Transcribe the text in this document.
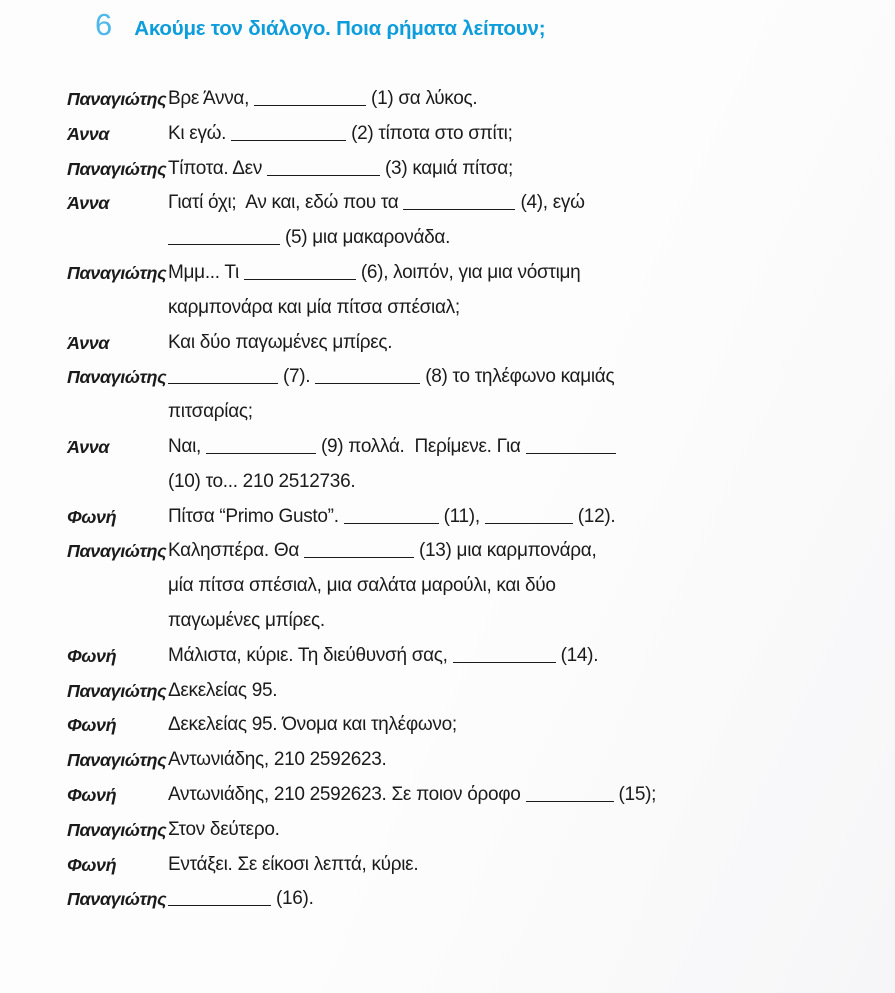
6 Ακούμε τον διάλογο. Ποια ρήματα λείπουν;
Παναγιώτης Βρε Άννα,	(1) σα λύκος.
Άννα	Κι εγώ.	(2) τίποτα στο σπίτι;
Παναγιώτης Τίποτα. Δεν	(3) καμιά πίτσα;
Άννα	Γιατί όχι;  Αν και, εδώ που τα	(4), εγώ
(5) μια μακαρονάδα.
Παναγιώτης Μμμ... Τι	(6), λοιπόν, για μια νόστιμη
καρμπονάρα και μία πίτσα σπέσιαλ;
Άννα	Και δύο παγωμένες μπίρες.
Παναγιώτης	(7).	(8) το τηλέφωνο καμιάς
πιτσαρίας;
Άννα	Ναι,	(9) πολλά.  Περίμενε. Για
(10) το... 210 2512736.
Φωνή	Πίτσα “Primo Gusto”.	(11),	(12).
Παναγιώτης Καλησπέρα. Θα	(13) μια καρμπονάρα,
μία πίτσα σπέσιαλ, μια σαλάτα μαρούλι, και δύο
παγωμένες μπίρες.
Φωνή	Μάλιστα, κύριε. Τη διεύθυνσή σας,	(14).
Παναγιώτης Δεκελείας 95.
Φωνή	Δεκελείας 95. Όνομα και τηλέφωνο;
Παναγιώτης Αντωνιάδης, 210 2592623.
Φωνή	Αντωνιάδης, 210 2592623. Σε ποιον όροφο	(15);
Παναγιώτης Στον δεύτερο.
Φωνή	Εντάξει. Σε είκοσι λεπτά, κύριε.
Παναγιώτης	(16).
